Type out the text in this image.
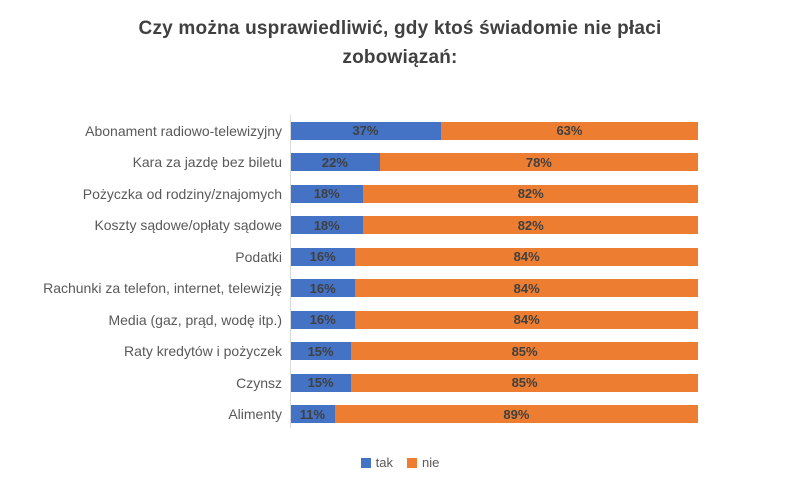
Czy można usprawiedliwić, gdy ktoś świadomie nie płaci zobowiązań:
Abonament radiowo-telewizyjny	37%	63%
Kara za jazdę bez biletu	22%	78%
Pożyczka od rodziny/znajomych	18%	82%
Koszty sądowe/opłaty sądowe	18%	82%
Podatki	16%	84%
Rachunki za telefon, internet, telewizję	16%	84%
Media (gaz, prąd, wodę itp.)	16%	84%
Raty kredytów i pożyczek	15%	85%
Czynsz	15%	85%
Alimenty	11%	89%
tak nie
